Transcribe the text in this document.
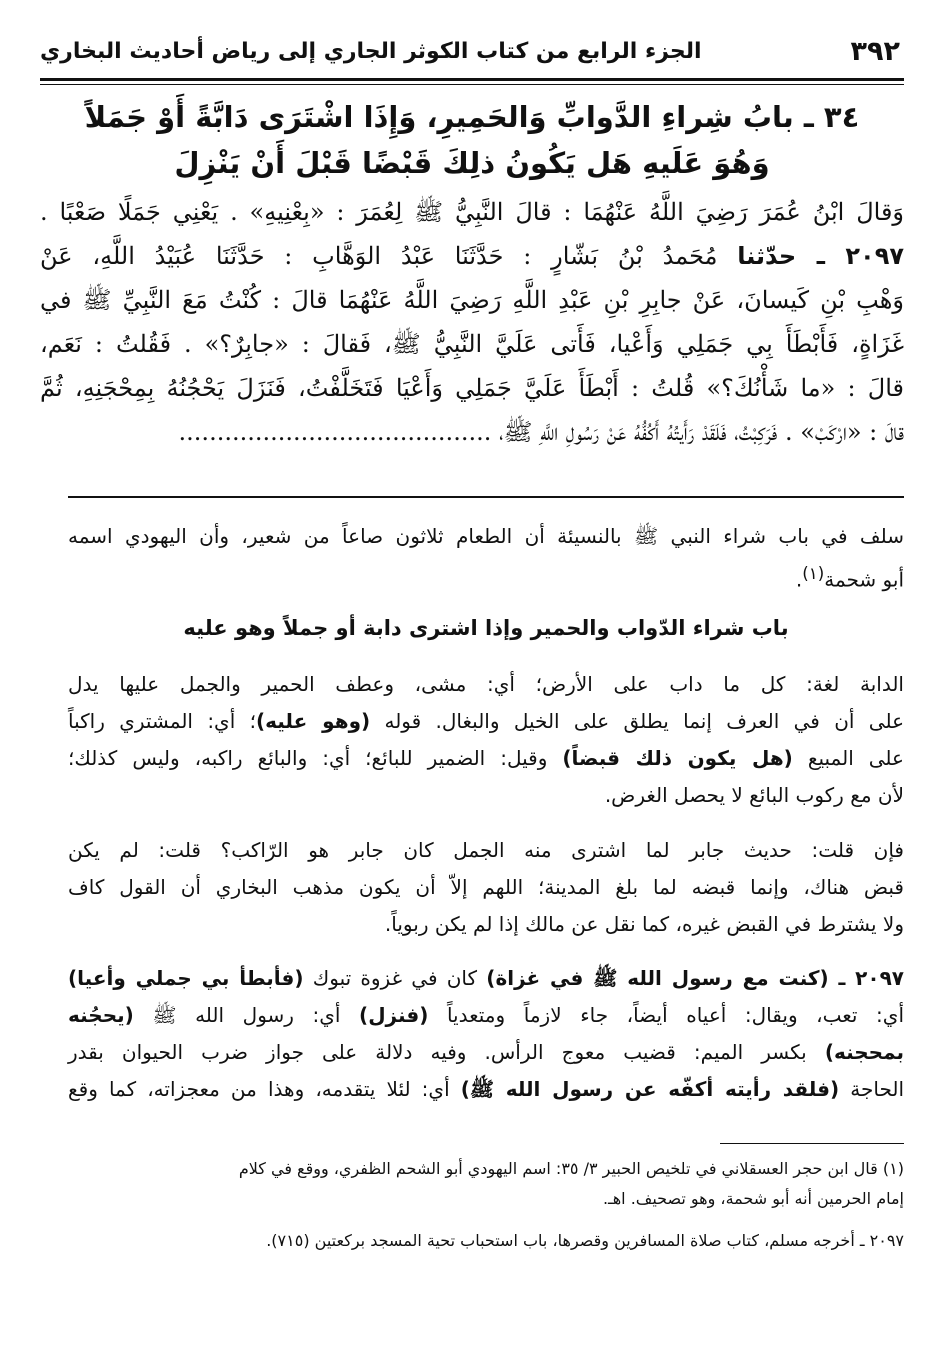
٣٩٢
الجزء الرابع من كتاب الكوثر الجاري إلى رياض أحاديث البخاري
٣٤ ـ بابُ شِراءِ الدَّوابِّ وَالحَمِيرِ، وَإِذَا اشْتَرَى دَابَّةً أَوْ جَمَلاً
وَهُوَ عَلَيهِ هَل يَكُونُ ذلِكَ قَبْضًا قَبْلَ أَنْ يَنْزِلَ
وَقالَ ابْنُ عُمَرَ رَضِيَ اللَّهُ عَنْهُمَا : قالَ النَّبِيُّ ﷺ لِعُمَرَ : «بِعْنِيهِ» . يَعْنِي جَمَلًا صَعْبًا .
٢٠٩٧ ـ حدّثنا مُحَمدُ بْنُ بَشّارٍ : حَدَّثَنَا عَبْدُ الوَهَّابِ : حَدَّثَنَا عُبَيْدُ اللَّهِ، عَنْ
وَهْبِ بْنِ كَيسانَ، عَنْ جابِرِ بْنِ عَبْدِ اللَّهِ رَضِيَ اللَّهُ عَنْهُمَا قالَ : كُنْتُ مَعَ النَّبِيِّ ﷺ في
غَزَاةٍ، فَأَبْطَأَ بِي جَمَلِي وَأَعْيا، فَأَتى عَلَيَّ النَّبِيُّ ﷺ، فَقالَ : «جابِرٌ؟» . فَقُلتُ : نَعَم،
قالَ : «ما شَأْنُكَ؟» قُلتُ : أَبْطَأَ عَلَيَّ جَمَلِي وَأَعْيَا فَتَخَلَّفْتُ، فَنَزَلَ يَحْجُنُهُ بِمِحْجَنِهِ، ثُمَّ
قالَ : «ارْكَبْ» . فَرَكِبْتُ، فَلَقَدْ رَأَيتُهُ أَكُفُّهُ عَنْ رَسُولِ اللَّهِ ﷺ، .........................................
سلف في باب شراء النبي ﷺ بالنسيئة أن الطعام ثلاثون صاعاً من شعير، وأن اليهودي اسمه
أبو شحمة$^{(١)}$.
باب شراء الدّواب والحمير وإذا اشترى دابة أو جملاً وهو عليه
الدابة لغة: كل ما داب على الأرض؛ أي: مشى، وعطف الحمير والجمل عليها يدل
على أن في العرف إنما يطلق على الخيل والبغال. قوله (وهو عليه)؛ أي: المشتري راكباً
على المبيع (هل يكون ذلك قبضاً) وقيل: الضمير للبائع؛ أي: والبائع راكبه، وليس كذلك؛
لأن مع ركوب البائع لا يحصل الغرض.
فإن قلت: حديث جابر لما اشترى منه الجمل كان جابر هو الرّاكب؟ قلت: لم يكن
قبض هناك، وإنما قبضه لما بلغ المدينة؛ اللهم إلاّ أن يكون مذهب البخاري أن القول كاف
ولا يشترط في القبض غيره، كما نقل عن مالك إذا لم يكن ربوياً.
٢٠٩٧ ـ (كنت مع رسول الله ﷺ في غزاة) كان في غزوة تبوك (فأبطأ بي جملي وأعيا)
أي: تعب، ويقال: أعياه أيضاً، جاء لازماً ومتعدياً (فنزل) أي: رسول الله ﷺ (يحجُنه
بمحجنه) بكسر الميم: قضيب معوج الرأس. وفيه دلالة على جواز ضرب الحيوان بقدر
الحاجة (فلقد رأيته أكفّه عن رسول الله ﷺ) أي: لئلا يتقدمه، وهذا من معجزاته، كما وقع
(١) قال ابن حجر العسقلاني في تلخيص الحبير ٣/ ٣٥: اسم اليهودي أبو الشحم الظفري، ووقع في كلام
إمام الحرمين أنه أبو شحمة، وهو تصحيف. اهـ.
٢٠٩٧ ـ أخرجه مسلم، كتاب صلاة المسافرين وقصرها، باب استحباب تحية المسجد بركعتين (٧١٥).
